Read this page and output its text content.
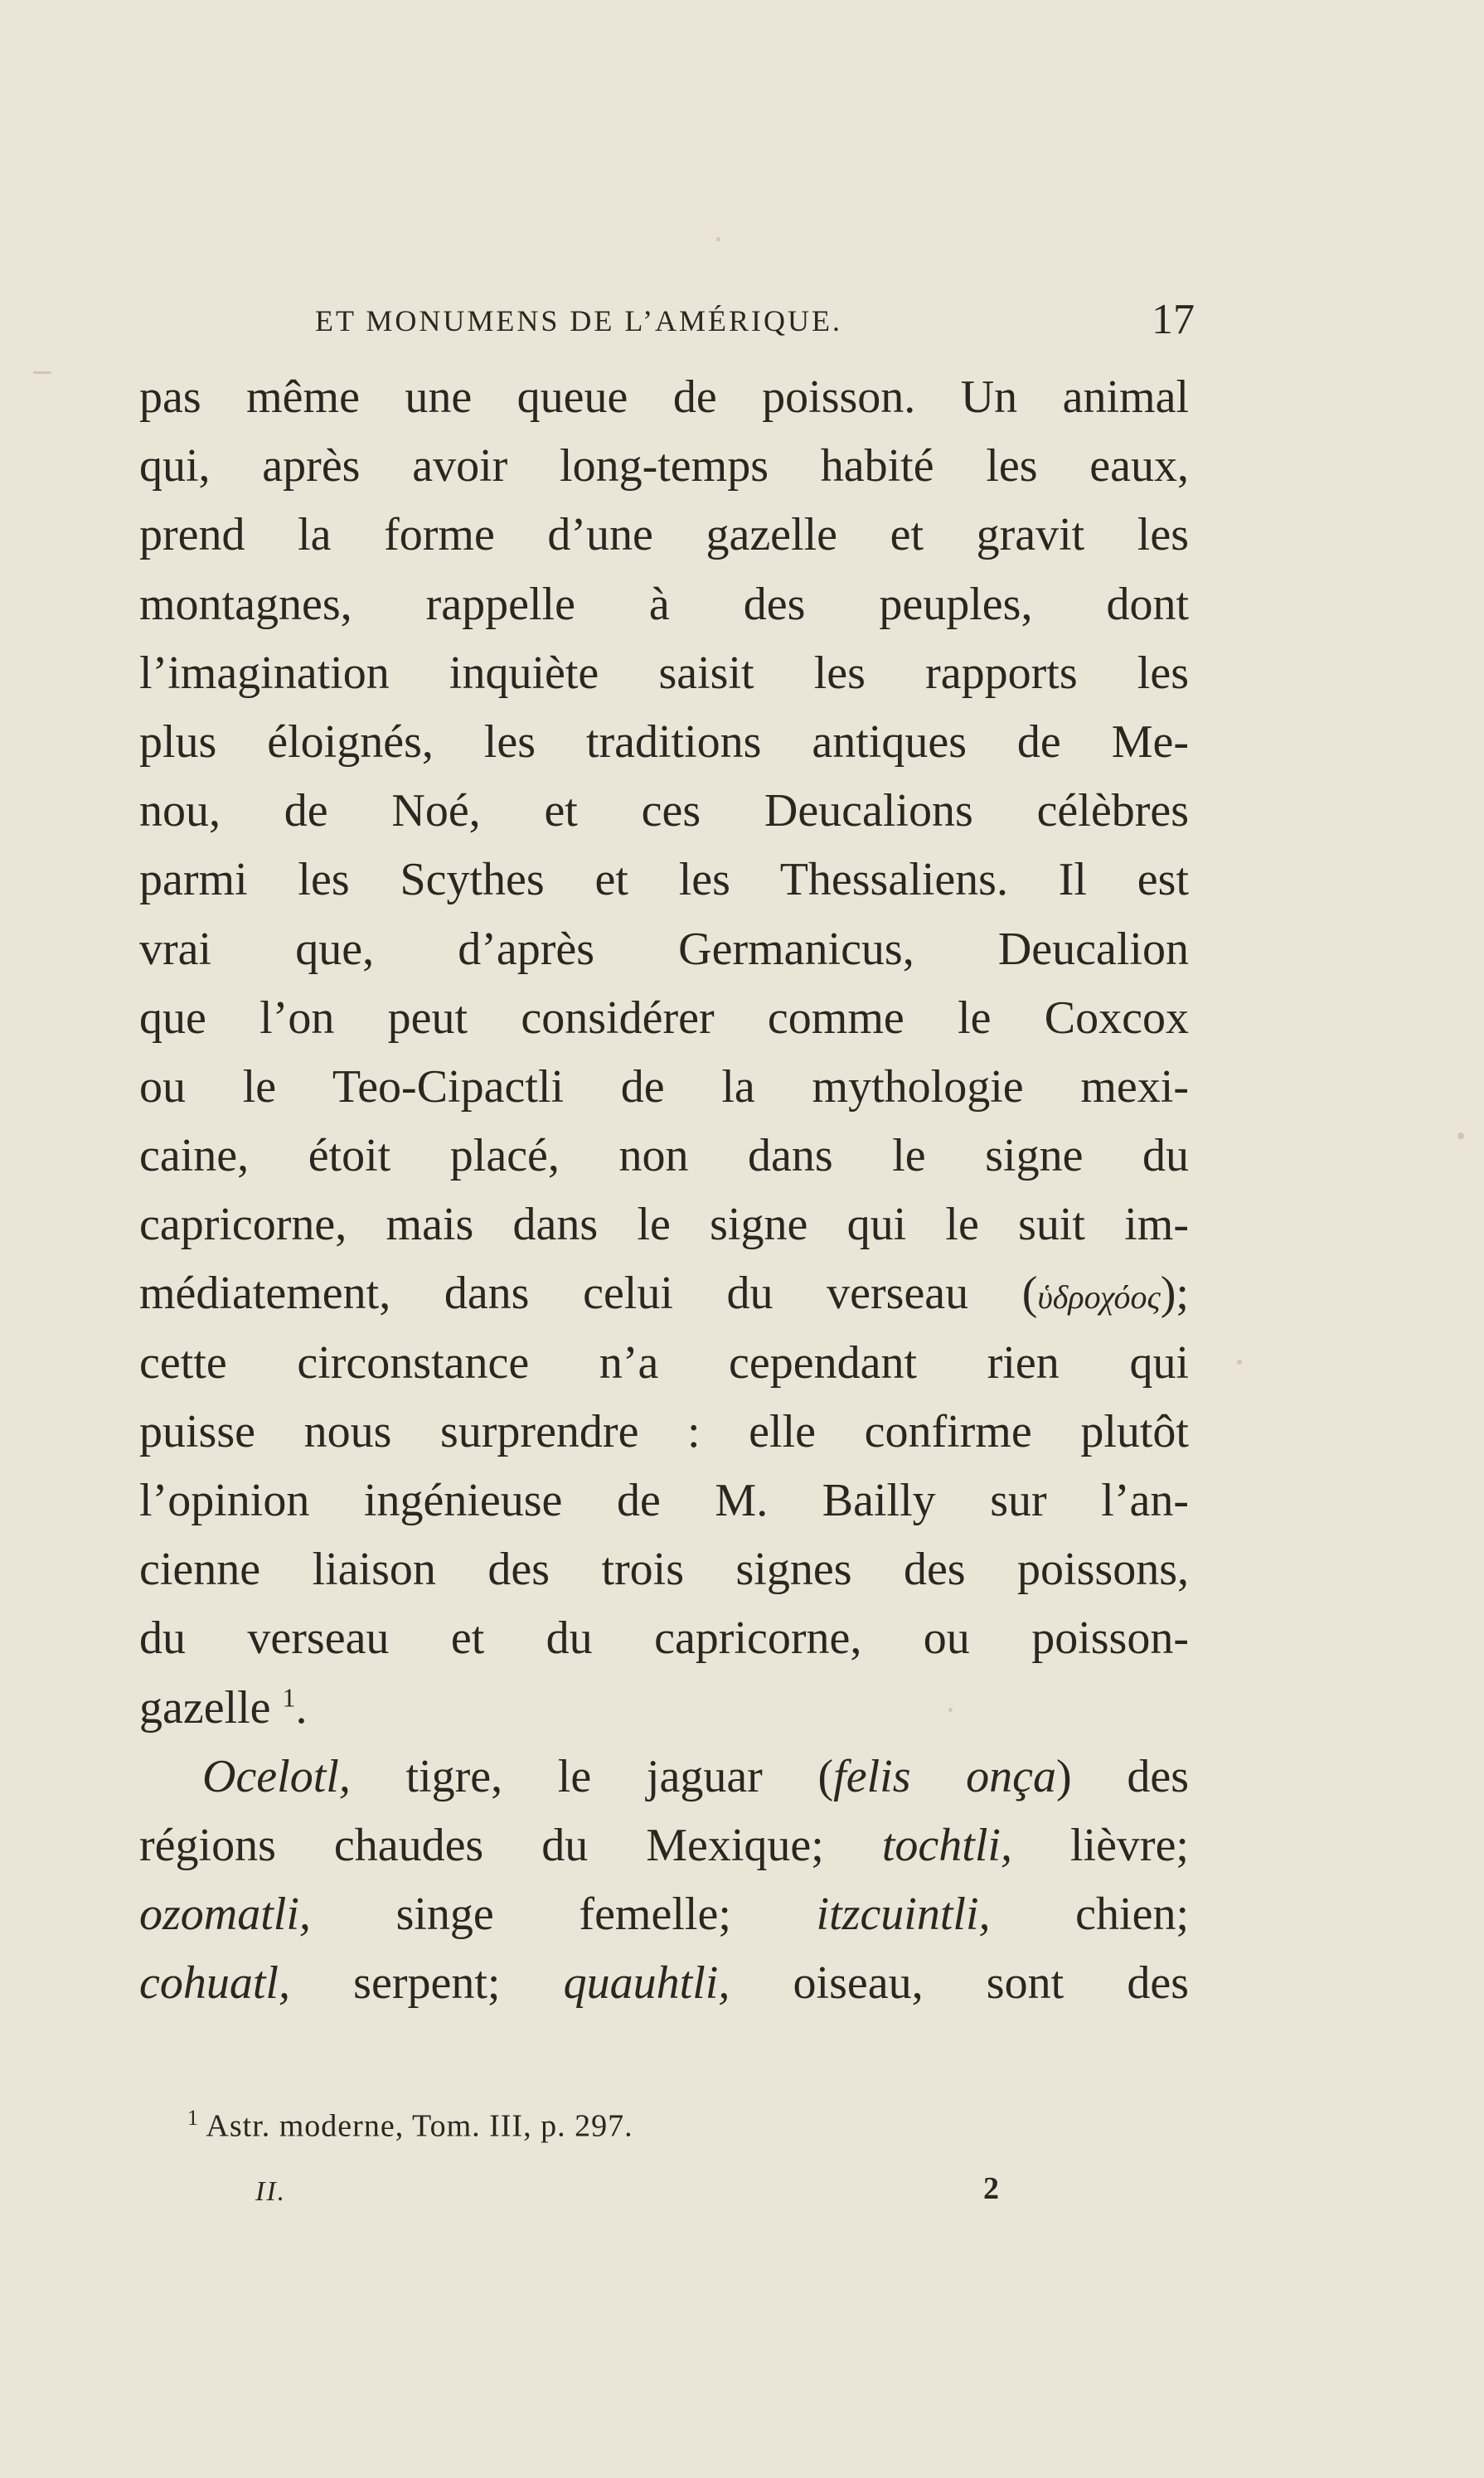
ET MONUMENS DE L’AMÉRIQUE.	17
pas même une queue de poisson. Un animal
qui, après avoir long-temps habité les eaux,
prend la forme d’une gazelle et gravit les
montagnes, rappelle à des peuples, dont
l’imagination inquiète saisit les rapports les
plus éloignés, les traditions antiques de Me-
nou, de Noé, et ces Deucalions célèbres
parmi les Scythes et les Thessaliens. Il est
vrai que, d’après Germanicus, Deucalion
que l’on peut considérer comme le Coxcox
ou le Teo-Cipactli de la mythologie mexi-
caine, étoit placé, non dans le signe du
capricorne, mais dans le signe qui le suit im-
médiatement, dans celui du verseau (ὑδροχόος);
cette circonstance n’a cependant rien qui
puisse nous surprendre : elle confirme plutôt
l’opinion ingénieuse de M. Bailly sur l’an-
cienne liaison des trois signes des poissons,
du verseau et du capricorne, ou poisson-
gazelle $^1$.
Ocelotl, tigre, le jaguar (felis onça) des
régions chaudes du Mexique; tochtli, lièvre;
ozomatli, singe femelle; itzcuintli, chien;
cohuatl, serpent; quauhtli, oiseau, sont des
$^1$ Astr. moderne, Tom. III, p. 297.
II.	2
